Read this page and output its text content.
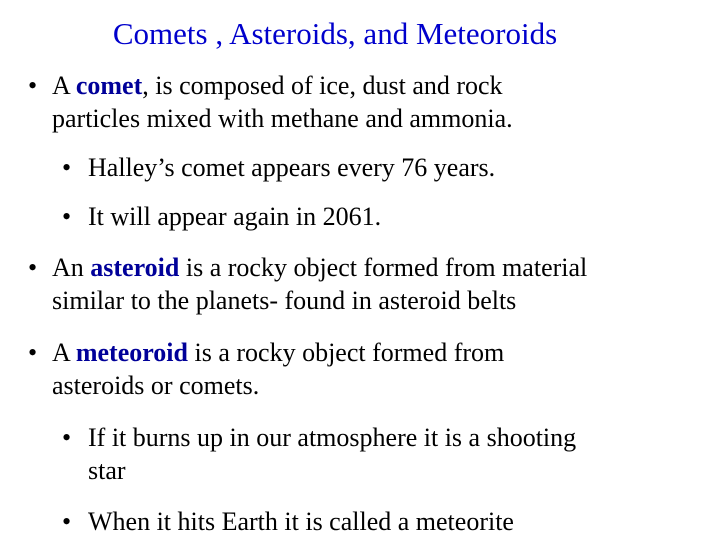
Comets , Asteroids, and Meteoroids
• A comet, is composed of ice, dust and rock
particles mixed with methane and ammonia.
• Halley’s comet appears every 76 years.
• It will appear again in 2061.
• An asteroid is a rocky object formed from material
similar to the planets- found in asteroid belts
• A meteoroid is a rocky object formed from
asteroids or comets.
• If it burns up in our atmosphere it is a shooting
star
• When it hits Earth it is called a meteorite
